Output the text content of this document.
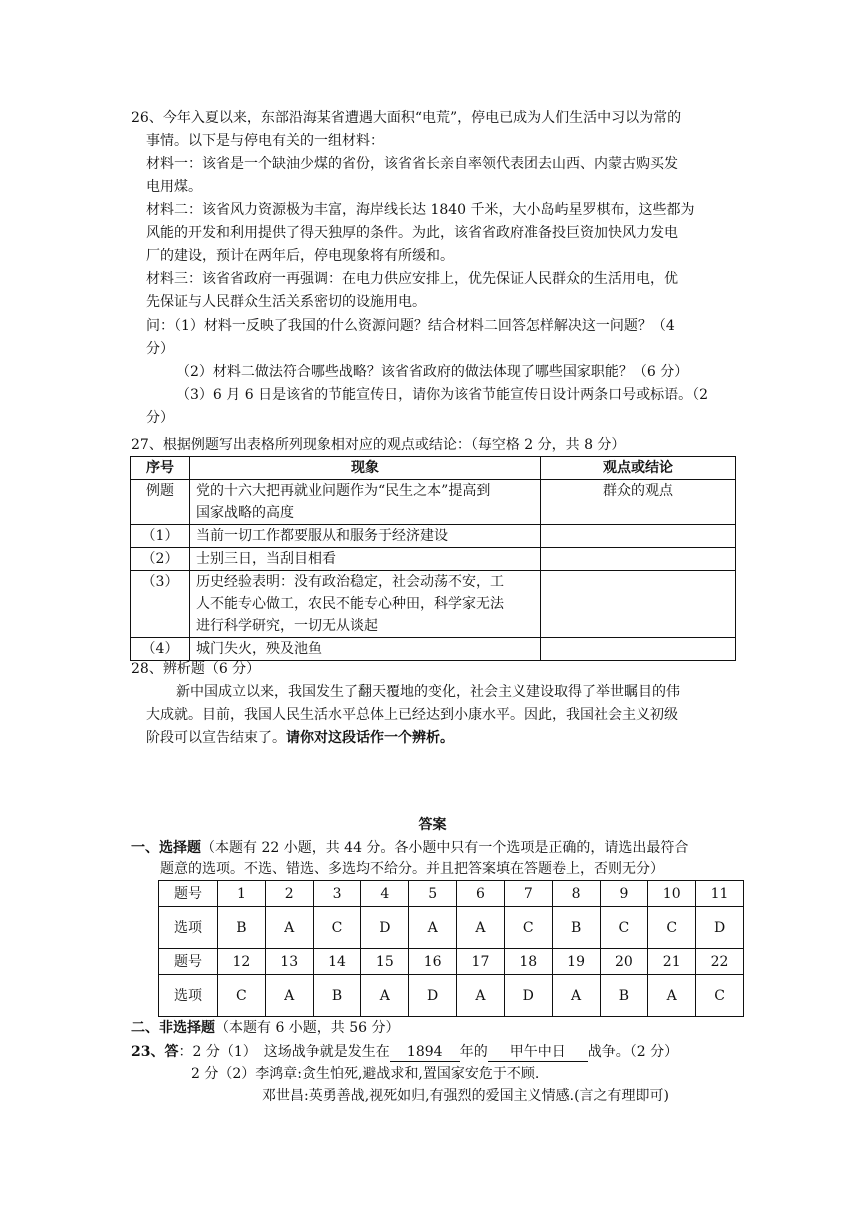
26、今年入夏以来，东部沿海某省遭遇大面积“电荒”，停电已成为人们生活中习以为常的
事情。以下是与停电有关的一组材料：
材料一：该省是一个缺油少煤的省份，该省省长亲自率领代表团去山西、内蒙古购买发
电用煤。
材料二：该省风力资源极为丰富，海岸线长达 1840 千米，大小岛屿星罗棋布，这些都为
风能的开发和利用提供了得天独厚的条件。为此，该省省政府准备投巨资加快风力发电
厂的建设，预计在两年后，停电现象将有所缓和。
材料三：该省省政府一再强调：在电力供应安排上，优先保证人民群众的生活用电，优
先保证与人民群众生活关系密切的设施用电。
问：（1）材料一反映了我国的什么资源问题？结合材料二回答怎样解决这一问题？（4
分）
（2）材料二做法符合哪些战略？该省省政府的做法体现了哪些国家职能？（6 分）
（3）6 月 6 日是该省的节能宣传日，请你为该省节能宣传日设计两条口号或标语。（2
分）
27、根据例题写出表格所列现象相对应的观点或结论：（每空格 2 分，共 8 分）
序号	现象	观点或结论
例题	党的十六大把再就业问题作为“民生之本”提高到
国家战略的高度	群众的观点
（1）	当前一切工作都要服从和服务于经济建设	

（2）	士别三日，当刮目相看	

（3）	历史经验表明：没有政治稳定，社会动荡不安，工
人不能专心做工，农民不能专心种田，科学家无法
进行科学研究，一切无从谈起	

（4）	城门失火，殃及池鱼	

28、辨析题（6 分）
新中国成立以来，我国发生了翻天覆地的变化，社会主义建设取得了举世瞩目的伟
大成就。目前，我国人民生活水平总体上已经达到小康水平。因此，我国社会主义初级
阶段可以宣告结束了。请你对这段话作一个辨析。
答案
一、选择题（本题有 22 小题，共 44 分。各小题中只有一个选项是正确的，请选出最符合
题意的选项。不选、错选、多选均不给分。并且把答案填在答题卷上，否则无分）
题号	1	2	3	4	5	6	7	8	9	10	11
选项	B	A	C	D	A	A	C	B	C	C	D
题号	12	13	14	15	16	17	18	19	20	21	22
选项	C	A	B	A	D	A	D	A	B	A	C
二、非选择题（本题有 6 小题，共 56 分）
23、答：2 分（1）　这场战争就是发生在 1894 年的 甲午中日 战争。（2 分）
2 分（2）李鸿章:贪生怕死,避战求和,置国家安危于不顾.
邓世昌:英勇善战,视死如归,有强烈的爱国主义情感.(言之有理即可)
